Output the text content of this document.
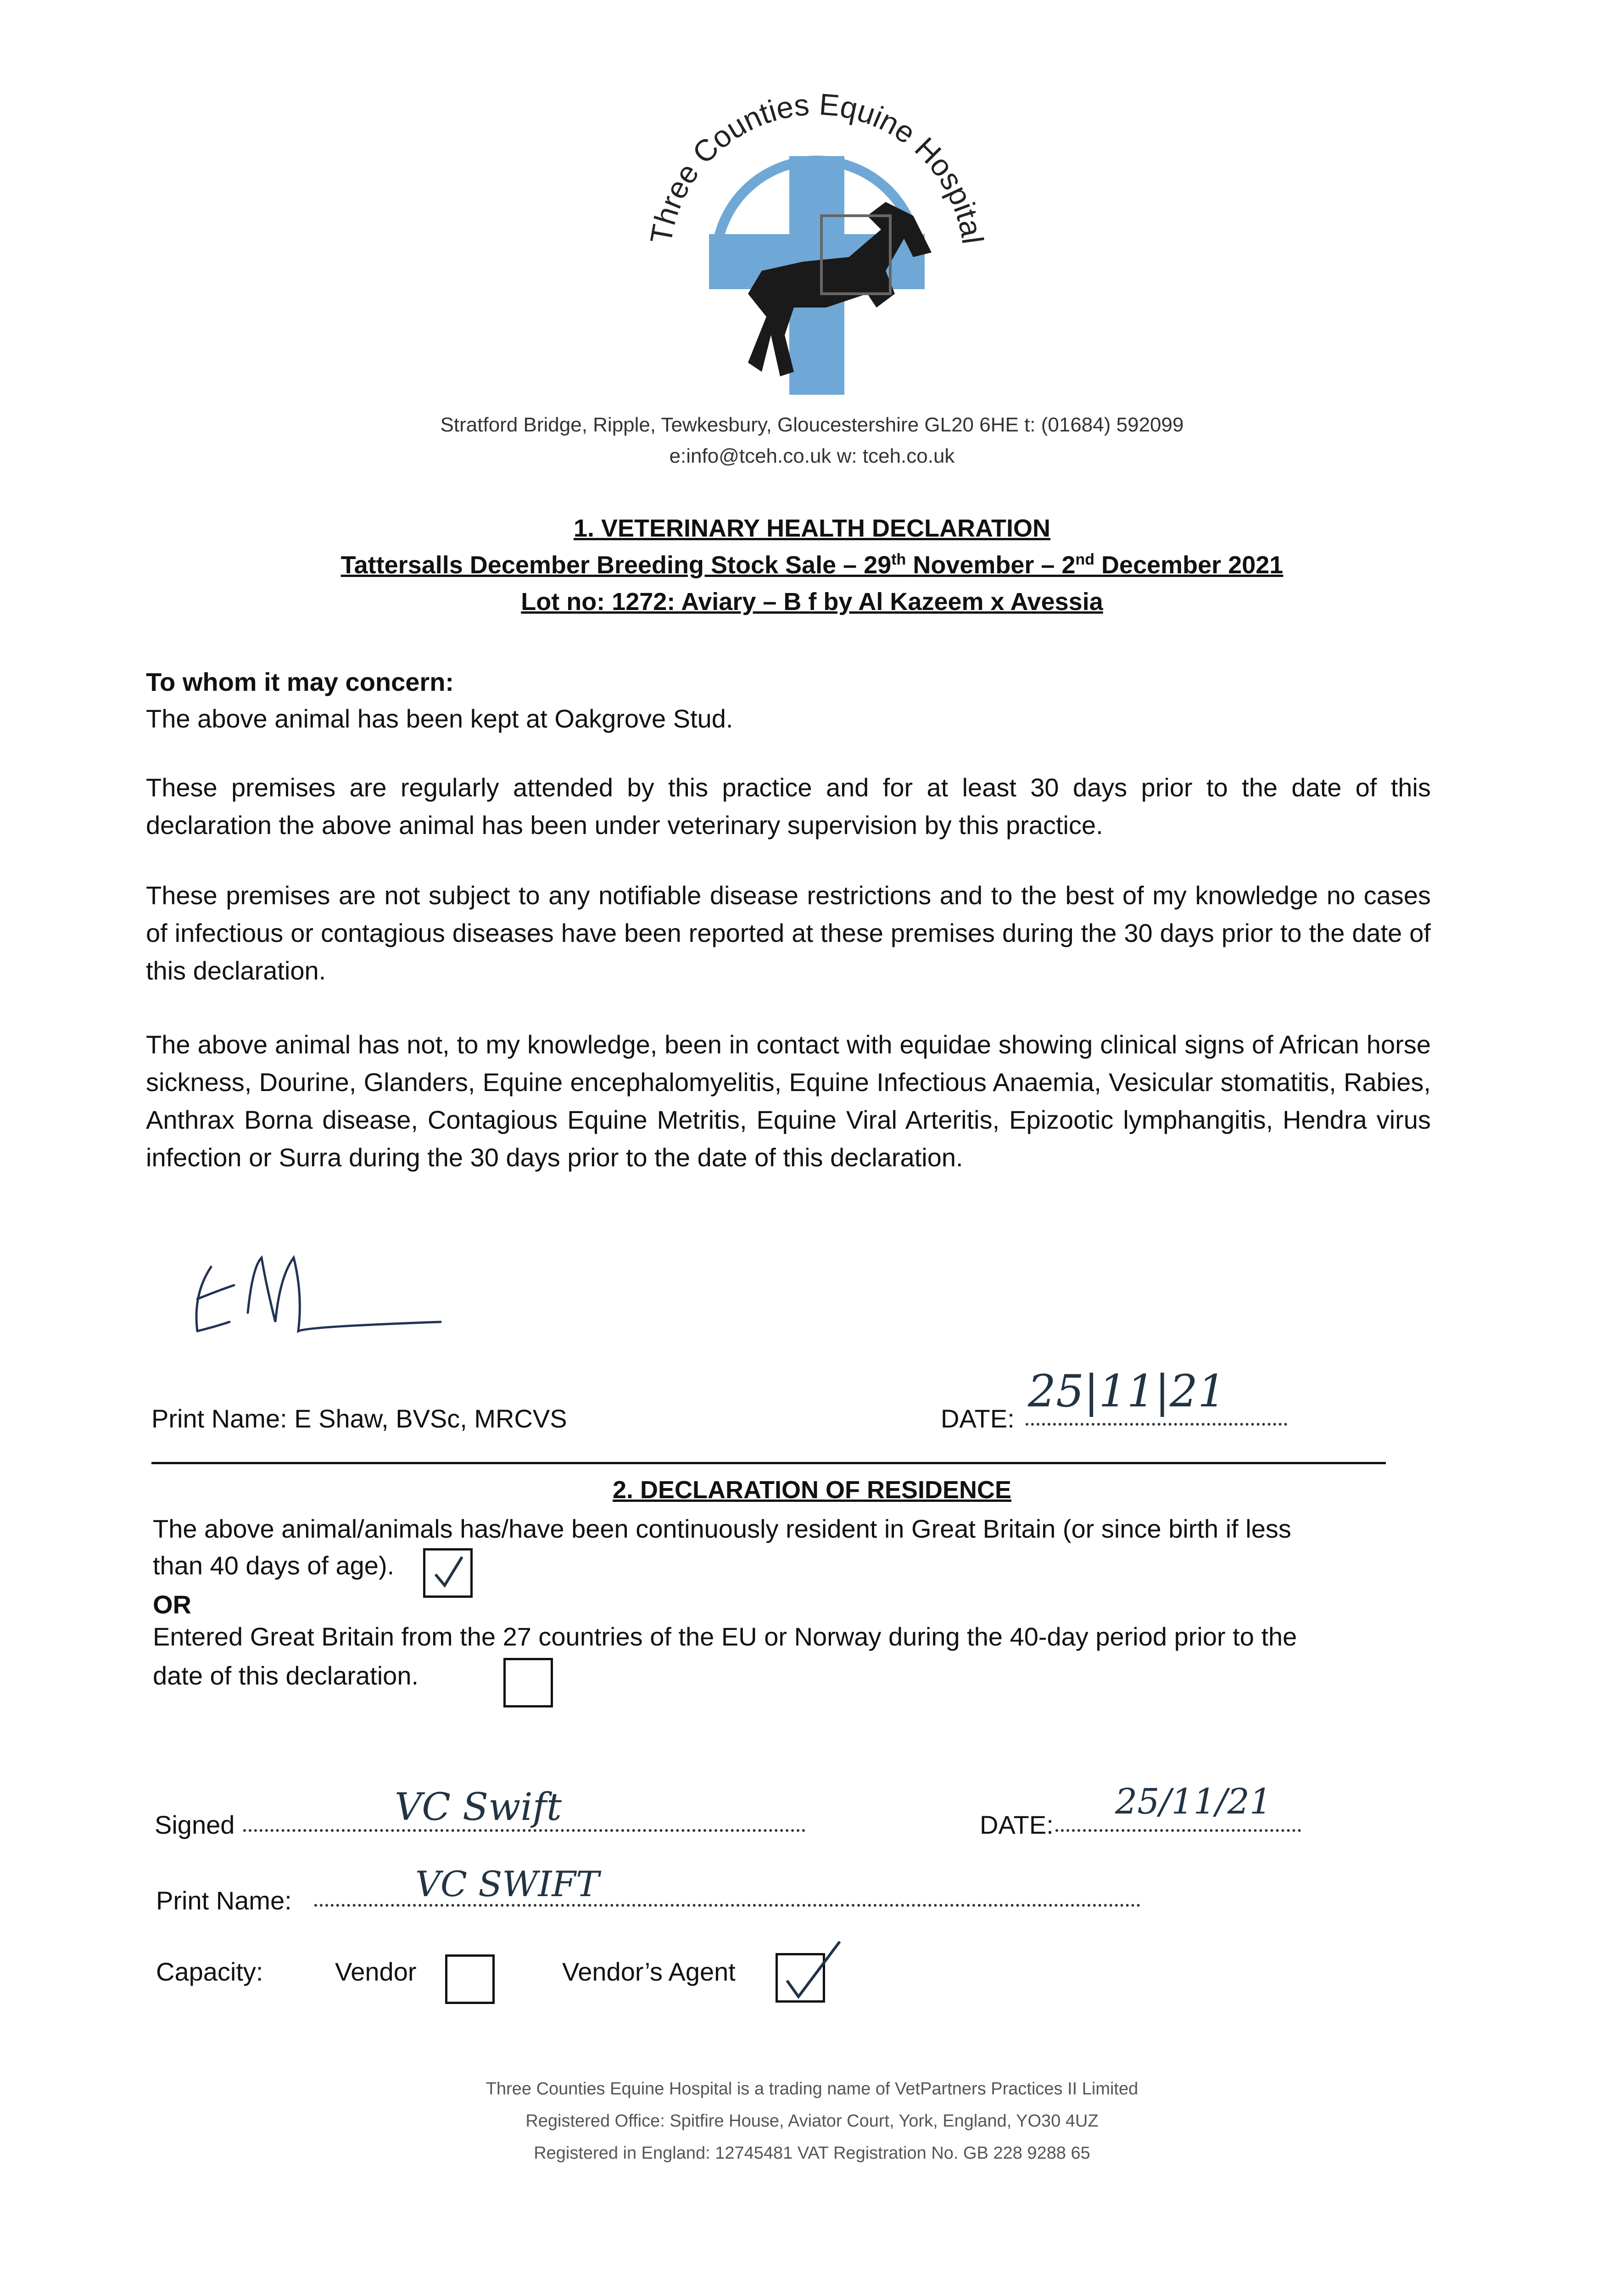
Three Counties Equine Hospital
Stratford Bridge, Ripple, Tewkesbury, Gloucestershire GL20 6HE t: (01684) 592099
e:info@tceh.co.uk w: tceh.co.uk
1. VETERINARY HEALTH DECLARATION
Tattersalls December Breeding Stock Sale – 29th November – 2nd December 2021
Lot no: 1272: Aviary – B f by Al Kazeem x Avessia
To whom it may concern:
The above animal has been kept at Oakgrove Stud.
These premises are regularly attended by this practice and for at least 30 days prior to the date of this declaration the above animal has been under veterinary supervision by this practice.
These premises are not subject to any notifiable disease restrictions and to the best of my knowledge no cases of infectious or contagious diseases have been reported at these premises during the 30 days prior to the date of this declaration.
The above animal has not, to my knowledge, been in contact with equidae showing clinical signs of African horse sickness, Dourine, Glanders, Equine encephalomyelitis, Equine Infectious Anaemia, Vesicular stomatitis, Rabies, Anthrax Borna disease, Contagious Equine Metritis, Equine Viral Arteritis, Epizootic lymphangitis, Hendra virus infection or Surra during the 30 days prior to the date of this declaration.
Print Name: E Shaw, BVSc, MRCVS	DATE:
25|11|21
2. DECLARATION OF RESIDENCE
The above animal/animals has/have been continuously resident in Great Britain (or since birth if less
than 40 days of age).
OR
Entered Great Britain from the 27 countries of the EU or Norway during the 40-day period prior to the
date of this declaration.
Signed	VC Swift	DATE:
25/11/21
Print Name:	VC SWIFT
Capacity:	Vendor	Vendor’s Agent
Three Counties Equine Hospital is a trading name of VetPartners Practices II Limited
Registered Office: Spitfire House, Aviator Court, York, England, YO30 4UZ
Registered in England: 12745481 VAT Registration No. GB 228 9288 65
